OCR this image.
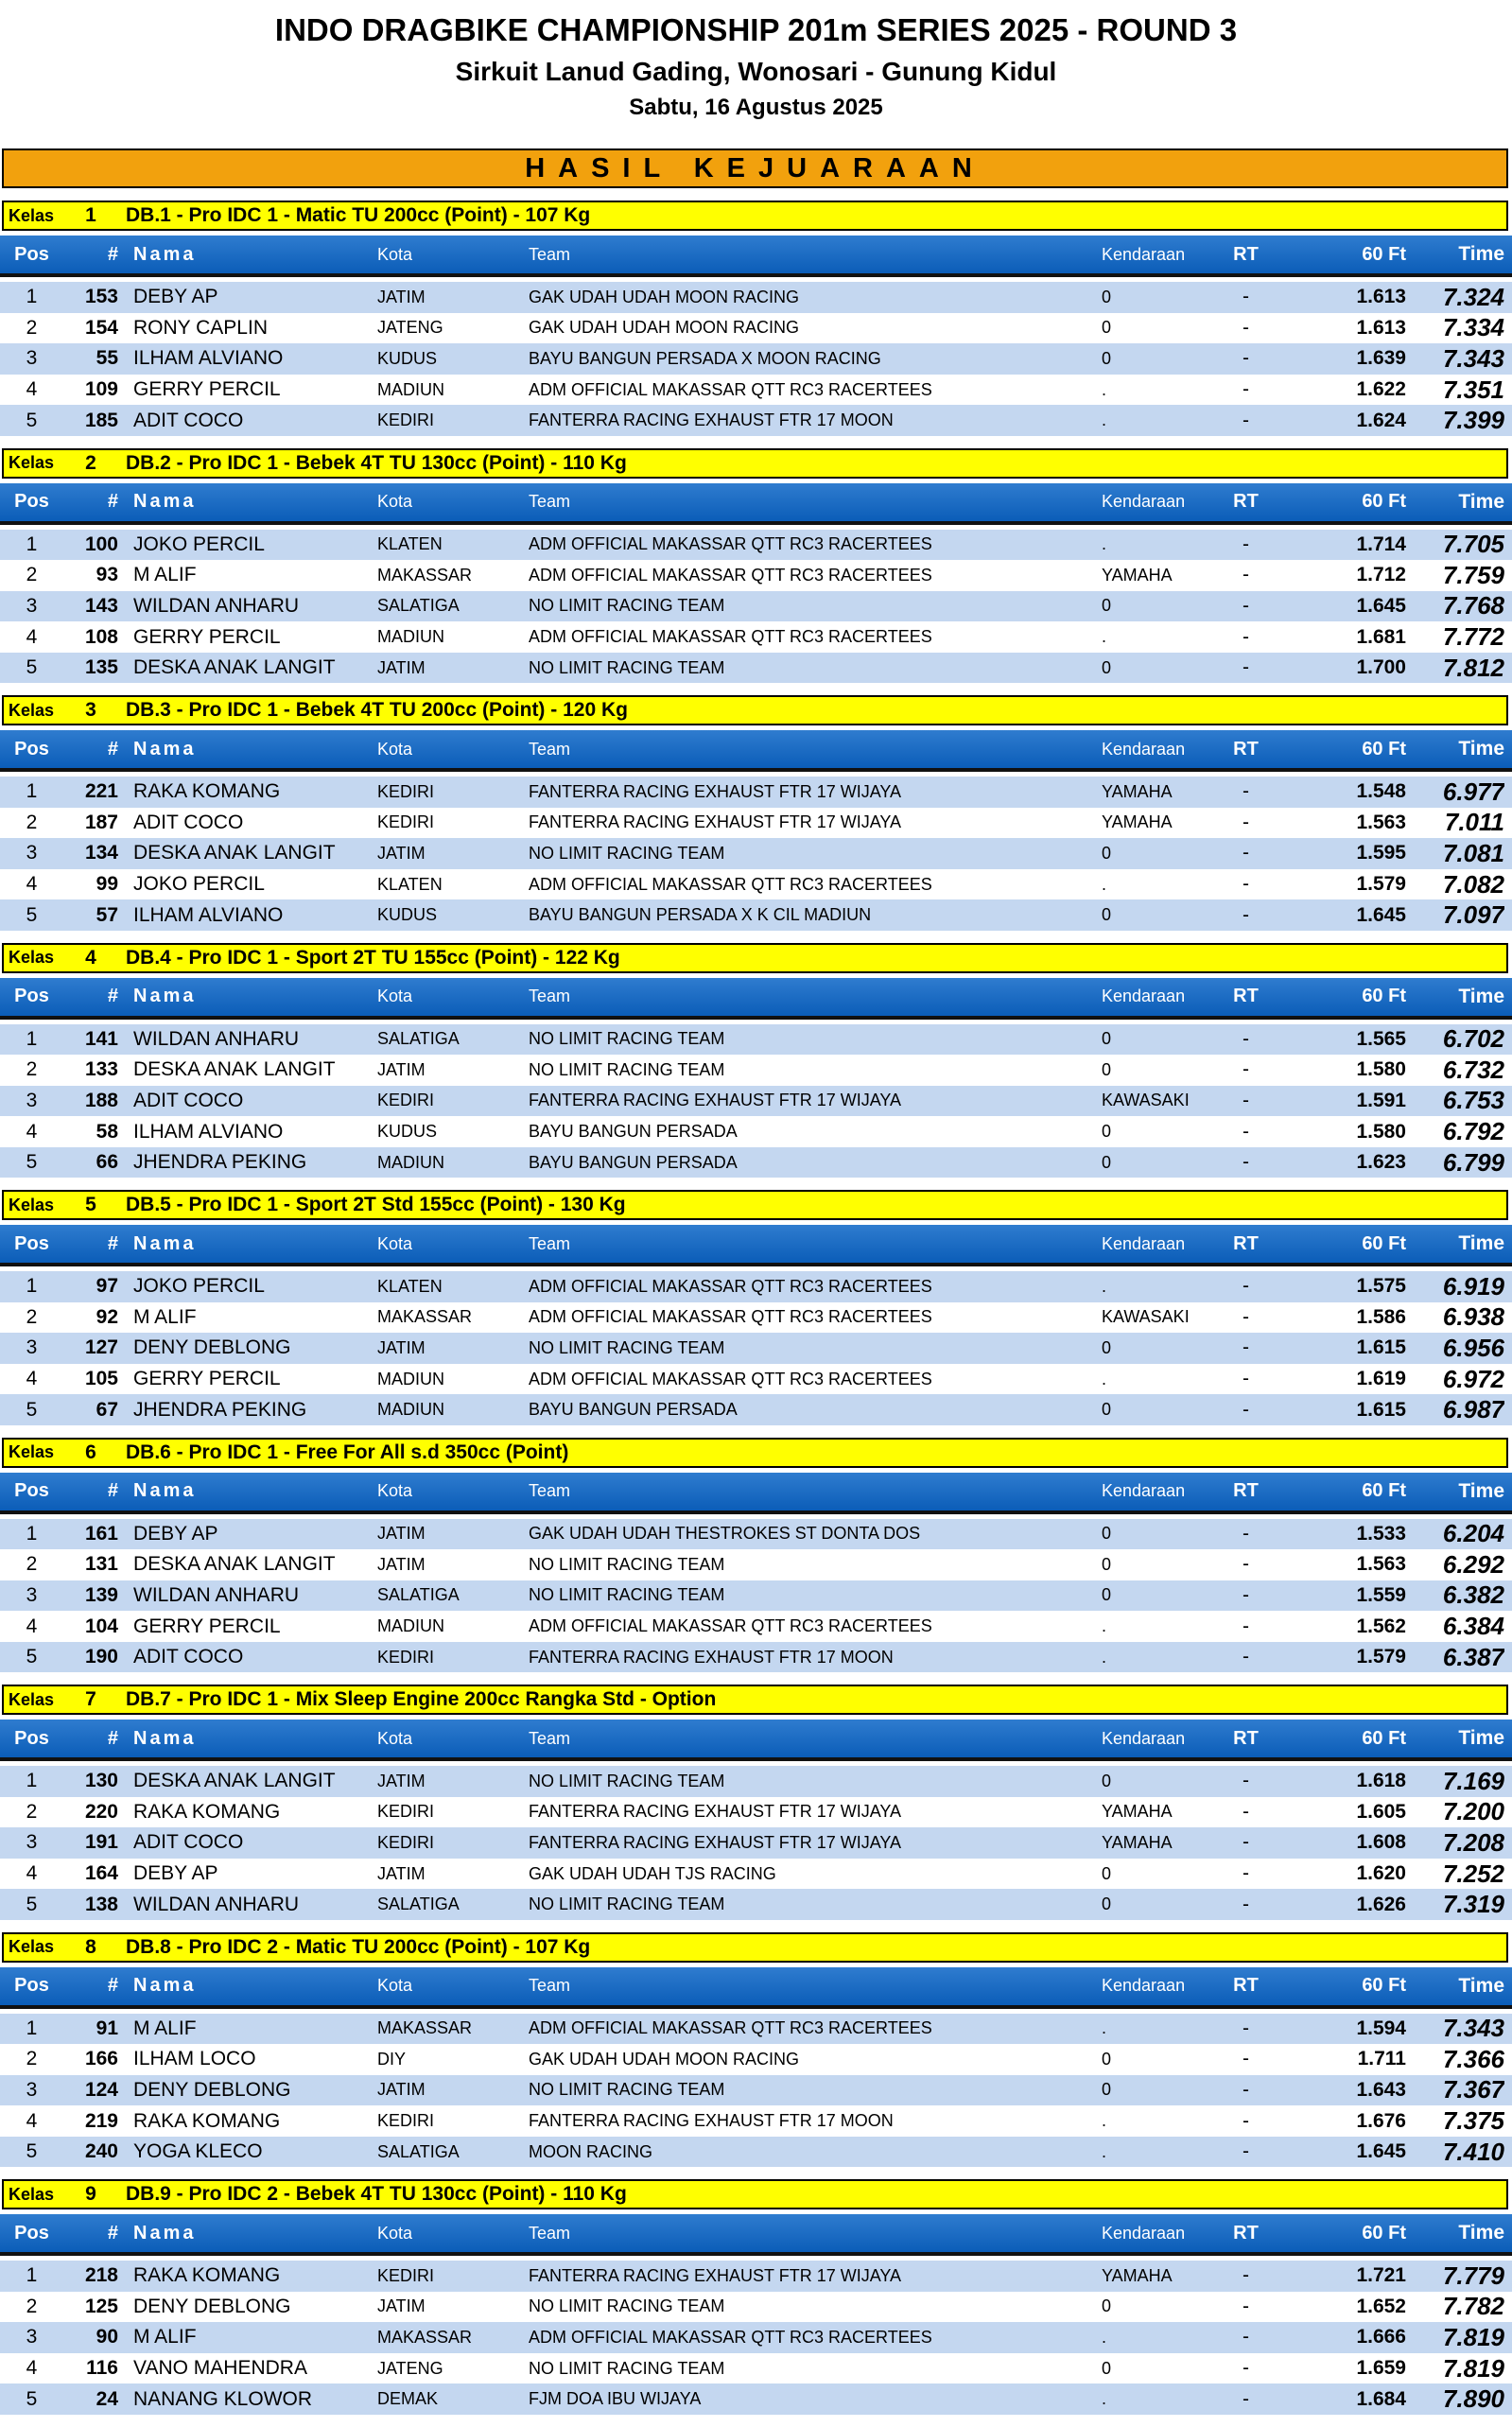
INDO DRAGBIKE CHAMPIONSHIP 201m SERIES 2025 - ROUND 3
Sirkuit Lanud Gading, Wonosari - Gunung Kidul
Sabtu, 16 Agustus 2025
HASIL KEJUARAAN
Kelas	1	DB.1 - Pro IDC 1 - Matic TU 200cc (Point) - 107 Kg
Pos	# Nama	Kota	Team	Kendaraan	RT	60 Ft	Time
1	153 DEBY AP	JATIM	GAK UDAH UDAH MOON RACING	0	-	1.613	7.324
2	154 RONY CAPLIN	JATENG	GAK UDAH UDAH MOON RACING	0	-	1.613	7.334
3	55 ILHAM ALVIANO	KUDUS	BAYU BANGUN PERSADA X MOON RACING	0	-	1.639	7.343
4	109 GERRY PERCIL	MADIUN	ADM OFFICIAL MAKASSAR QTT RC3 RACERTEES	.	-	1.622	7.351
5	185 ADIT COCO	KEDIRI	FANTERRA RACING EXHAUST FTR 17 MOON	.	-	1.624	7.399
Kelas	2	DB.2 - Pro IDC 1 - Bebek 4T TU 130cc (Point) - 110 Kg
Pos	# Nama	Kota	Team	Kendaraan	RT	60 Ft	Time
1	100 JOKO PERCIL	KLATEN	ADM OFFICIAL MAKASSAR QTT RC3 RACERTEES	.	-	1.714	7.705
2	93 M ALIF	MAKASSAR	ADM OFFICIAL MAKASSAR QTT RC3 RACERTEES	YAMAHA	-	1.712	7.759
3	143 WILDAN ANHARU	SALATIGA	NO LIMIT RACING TEAM	0	-	1.645	7.768
4	108 GERRY PERCIL	MADIUN	ADM OFFICIAL MAKASSAR QTT RC3 RACERTEES	.	-	1.681	7.772
5	135 DESKA ANAK LANGIT	JATIM	NO LIMIT RACING TEAM	0	-	1.700	7.812
Kelas	3	DB.3 - Pro IDC 1 - Bebek 4T TU 200cc (Point) - 120 Kg
Pos	# Nama	Kota	Team	Kendaraan	RT	60 Ft	Time
1	221 RAKA KOMANG	KEDIRI	FANTERRA RACING EXHAUST FTR 17 WIJAYA	YAMAHA	-	1.548	6.977
2	187 ADIT COCO	KEDIRI	FANTERRA RACING EXHAUST FTR 17 WIJAYA	YAMAHA	-	1.563	7.011
3	134 DESKA ANAK LANGIT	JATIM	NO LIMIT RACING TEAM	0	-	1.595	7.081
4	99 JOKO PERCIL	KLATEN	ADM OFFICIAL MAKASSAR QTT RC3 RACERTEES	.	-	1.579	7.082
5	57 ILHAM ALVIANO	KUDUS	BAYU BANGUN PERSADA X K CIL MADIUN	0	-	1.645	7.097
Kelas	4	DB.4 - Pro IDC 1 - Sport 2T TU 155cc (Point) - 122 Kg
Pos	# Nama	Kota	Team	Kendaraan	RT	60 Ft	Time
1	141 WILDAN ANHARU	SALATIGA	NO LIMIT RACING TEAM	0	-	1.565	6.702
2	133 DESKA ANAK LANGIT	JATIM	NO LIMIT RACING TEAM	0	-	1.580	6.732
3	188 ADIT COCO	KEDIRI	FANTERRA RACING EXHAUST FTR 17 WIJAYA	KAWASAKI	-	1.591	6.753
4	58 ILHAM ALVIANO	KUDUS	BAYU BANGUN PERSADA	0	-	1.580	6.792
5	66 JHENDRA PEKING	MADIUN	BAYU BANGUN PERSADA	0	-	1.623	6.799
Kelas	5	DB.5 - Pro IDC 1 - Sport 2T Std 155cc (Point) - 130 Kg
Pos	# Nama	Kota	Team	Kendaraan	RT	60 Ft	Time
1	97 JOKO PERCIL	KLATEN	ADM OFFICIAL MAKASSAR QTT RC3 RACERTEES	.	-	1.575	6.919
2	92 M ALIF	MAKASSAR	ADM OFFICIAL MAKASSAR QTT RC3 RACERTEES	KAWASAKI	-	1.586	6.938
3	127 DENY DEBLONG	JATIM	NO LIMIT RACING TEAM	0	-	1.615	6.956
4	105 GERRY PERCIL	MADIUN	ADM OFFICIAL MAKASSAR QTT RC3 RACERTEES	.	-	1.619	6.972
5	67 JHENDRA PEKING	MADIUN	BAYU BANGUN PERSADA	0	-	1.615	6.987
Kelas	6	DB.6 - Pro IDC 1 - Free For All s.d 350cc (Point)
Pos	# Nama	Kota	Team	Kendaraan	RT	60 Ft	Time
1	161 DEBY AP	JATIM	GAK UDAH UDAH THESTROKES ST DONTA DOS	0	-	1.533	6.204
2	131 DESKA ANAK LANGIT	JATIM	NO LIMIT RACING TEAM	0	-	1.563	6.292
3	139 WILDAN ANHARU	SALATIGA	NO LIMIT RACING TEAM	0	-	1.559	6.382
4	104 GERRY PERCIL	MADIUN	ADM OFFICIAL MAKASSAR QTT RC3 RACERTEES	.	-	1.562	6.384
5	190 ADIT COCO	KEDIRI	FANTERRA RACING EXHAUST FTR 17 MOON	.	-	1.579	6.387
Kelas	7	DB.7 - Pro IDC 1 - Mix Sleep Engine 200cc Rangka Std - Option
Pos	# Nama	Kota	Team	Kendaraan	RT	60 Ft	Time
1	130 DESKA ANAK LANGIT	JATIM	NO LIMIT RACING TEAM	0	-	1.618	7.169
2	220 RAKA KOMANG	KEDIRI	FANTERRA RACING EXHAUST FTR 17 WIJAYA	YAMAHA	-	1.605	7.200
3	191 ADIT COCO	KEDIRI	FANTERRA RACING EXHAUST FTR 17 WIJAYA	YAMAHA	-	1.608	7.208
4	164 DEBY AP	JATIM	GAK UDAH UDAH TJS RACING	0	-	1.620	7.252
5	138 WILDAN ANHARU	SALATIGA	NO LIMIT RACING TEAM	0	-	1.626	7.319
Kelas	8	DB.8 - Pro IDC 2 - Matic TU 200cc (Point) - 107 Kg
Pos	# Nama	Kota	Team	Kendaraan	RT	60 Ft	Time
1	91 M ALIF	MAKASSAR	ADM OFFICIAL MAKASSAR QTT RC3 RACERTEES	.	-	1.594	7.343
2	166 ILHAM LOCO	DIY	GAK UDAH UDAH MOON RACING	0	-	1.711	7.366
3	124 DENY DEBLONG	JATIM	NO LIMIT RACING TEAM	0	-	1.643	7.367
4	219 RAKA KOMANG	KEDIRI	FANTERRA RACING EXHAUST FTR 17 MOON	.	-	1.676	7.375
5	240 YOGA KLECO	SALATIGA	MOON RACING	.	-	1.645	7.410
Kelas	9	DB.9 - Pro IDC 2 - Bebek 4T TU 130cc (Point) - 110 Kg
Pos	# Nama	Kota	Team	Kendaraan	RT	60 Ft	Time
1	218 RAKA KOMANG	KEDIRI	FANTERRA RACING EXHAUST FTR 17 WIJAYA	YAMAHA	-	1.721	7.779
2	125 DENY DEBLONG	JATIM	NO LIMIT RACING TEAM	0	-	1.652	7.782
3	90 M ALIF	MAKASSAR	ADM OFFICIAL MAKASSAR QTT RC3 RACERTEES	.	-	1.666	7.819
4	116 VANO MAHENDRA	JATENG	NO LIMIT RACING TEAM	0	-	1.659	7.819
5	24 NANANG KLOWOR	DEMAK	FJM DOA IBU WIJAYA	.	-	1.684	7.890
